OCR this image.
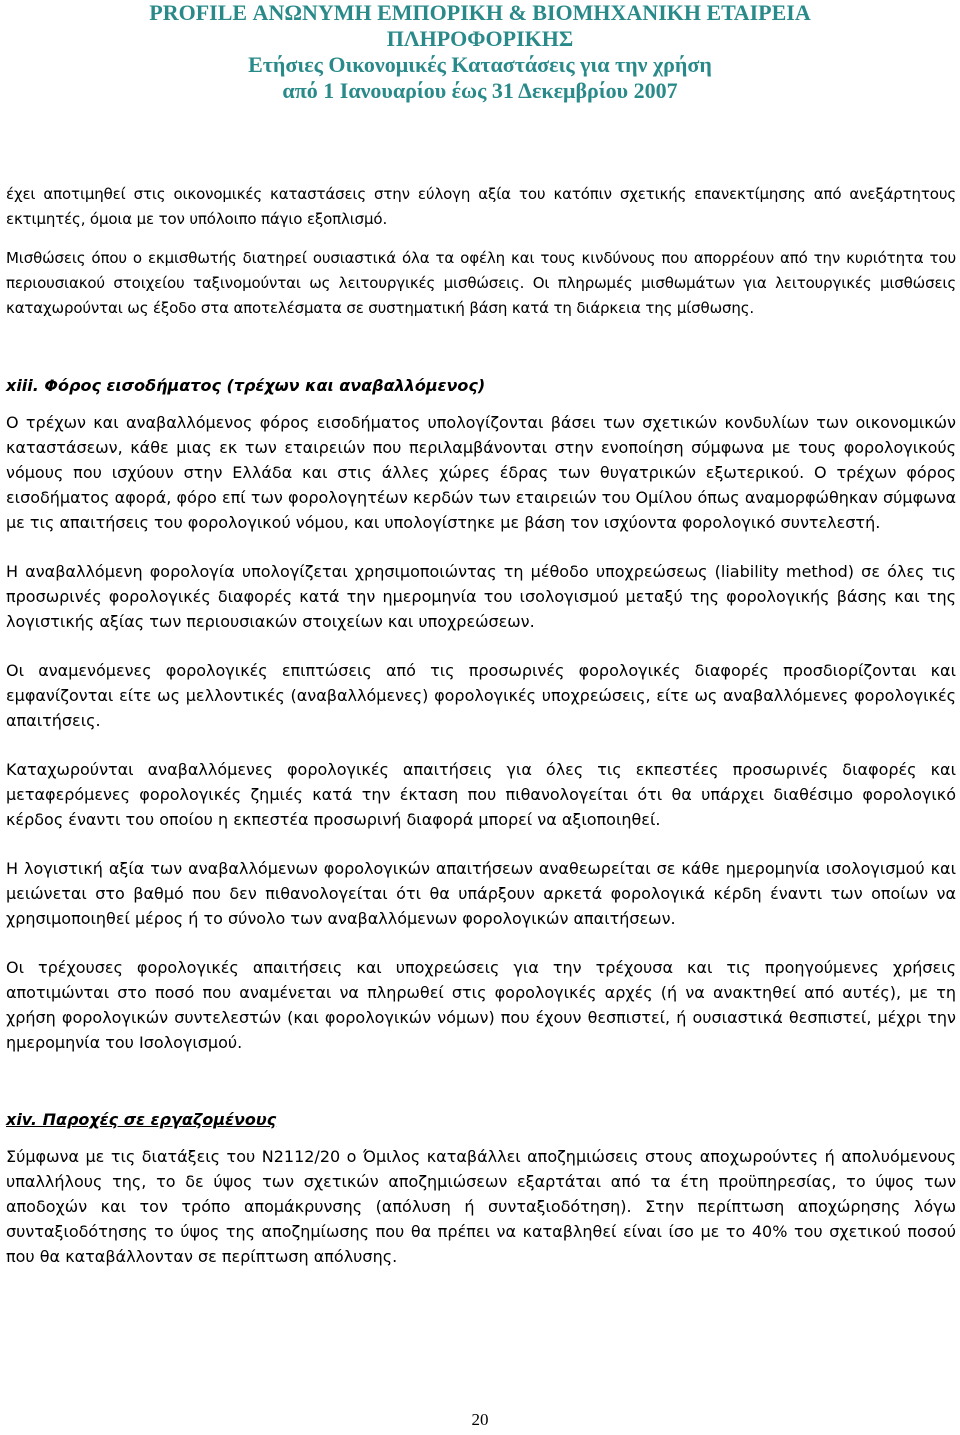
PROFILE ΑΝΩΝΥΜΗ ΕΜΠΟΡΙΚΗ & ΒΙΟΜΗΧΑΝΙΚΗ ΕΤΑΙΡΕΙΑ
ΠΛΗΡΟΦΟΡΙΚΗΣ
Ετήσιες Οικονομικές Καταστάσεις για την χρήση
από 1 Ιανουαρίου έως 31 Δεκεμβρίου 2007

έχει αποτιμηθεί στις οικονομικές καταστάσεις στην εύλογη αξία του κατόπιν σχετικής επανεκτίμησης από ανεξάρτητους εκτιμητές, όμοια με τον υπόλοιπο πάγιο εξοπλισμό.

Μισθώσεις όπου ο εκμισθωτής διατηρεί ουσιαστικά όλα τα οφέλη και τους κινδύνους που απορρέουν από την κυριότητα του περιουσιακού στοιχείου ταξινομούνται ως λειτουργικές μισθώσεις. Οι πληρωμές μισθωμάτων για λειτουργικές μισθώσεις καταχωρούνται ως έξοδο στα αποτελέσματα σε συστηματική βάση κατά τη διάρκεια της μίσθωσης.

xiii. Φόρος εισοδήματος (τρέχων και αναβαλλόμενος)

Ο τρέχων και αναβαλλόμενος φόρος εισοδήματος υπολογίζονται βάσει των σχετικών κονδυλίων των οικονομικών καταστάσεων, κάθε μιας εκ των εταιρειών που περιλαμβάνονται στην ενοποίηση σύμφωνα με τους φορολογικούς νόμους που ισχύουν στην Ελλάδα και στις άλλες χώρες έδρας των θυγατρικών εξωτερικού. Ο τρέχων φόρος εισοδήματος αφορά, φόρο επί των φορολογητέων κερδών των εταιρειών του Ομίλου όπως αναμορφώθηκαν σύμφωνα με τις απαιτήσεις του φορολογικού νόμου, και υπολογίστηκε με βάση τον ισχύοντα φορολογικό συντελεστή.

Η αναβαλλόμενη φορολογία υπολογίζεται χρησιμοποιώντας τη μέθοδο υποχρεώσεως (liability method) σε όλες τις προσωρινές φορολογικές διαφορές κατά την ημερομηνία του ισολογισμού μεταξύ της φορολογικής βάσης και της λογιστικής αξίας των περιουσιακών στοιχείων και υποχρεώσεων.

Οι αναμενόμενες φορολογικές επιπτώσεις από τις προσωρινές φορολογικές διαφορές προσδιορίζονται και εμφανίζονται είτε ως μελλοντικές (αναβαλλόμενες) φορολογικές υποχρεώσεις, είτε ως αναβαλλόμενες φορολογικές απαιτήσεις.

Καταχωρούνται αναβαλλόμενες φορολογικές απαιτήσεις για όλες τις εκπεστέες προσωρινές διαφορές και μεταφερόμενες φορολογικές ζημιές κατά την έκταση που πιθανολογείται ότι θα υπάρχει διαθέσιμο φορολογικό κέρδος έναντι του οποίου η εκπεστέα προσωρινή διαφορά μπορεί να αξιοποιηθεί.

Η λογιστική αξία των αναβαλλόμενων φορολογικών απαιτήσεων αναθεωρείται σε κάθε ημερομηνία ισολογισμού και μειώνεται στο βαθμό που δεν πιθανολογείται ότι θα υπάρξουν αρκετά φορολογικά κέρδη έναντι των οποίων να χρησιμοποιηθεί μέρος ή το σύνολο των αναβαλλόμενων φορολογικών απαιτήσεων.

Οι τρέχουσες φορολογικές απαιτήσεις και υποχρεώσεις για την τρέχουσα και τις προηγούμενες χρήσεις αποτιμώνται στο ποσό που αναμένεται να πληρωθεί στις φορολογικές αρχές (ή να ανακτηθεί από αυτές), με τη χρήση φορολογικών συντελεστών (και φορολογικών νόμων) που έχουν θεσπιστεί, ή ουσιαστικά θεσπιστεί, μέχρι την ημερομηνία του Ισολογισμού.

xiv. Παροχές σε εργαζομένους

Σύμφωνα με τις διατάξεις του Ν2112/20 ο Όμιλος καταβάλλει αποζημιώσεις στους αποχωρούντες ή απολυόμενους υπαλλήλους της, το δε ύψος των σχετικών αποζημιώσεων εξαρτάται από τα έτη προϋπηρεσίας, το ύψος των αποδοχών και τον τρόπο απομάκρυνσης (απόλυση ή συνταξιοδότηση). Στην περίπτωση αποχώρησης λόγω συνταξιοδότησης το ύψος της αποζημίωσης που θα πρέπει να καταβληθεί είναι ίσο με το 40% του σχετικού ποσού που θα καταβάλλονταν σε περίπτωση απόλυσης.

20
